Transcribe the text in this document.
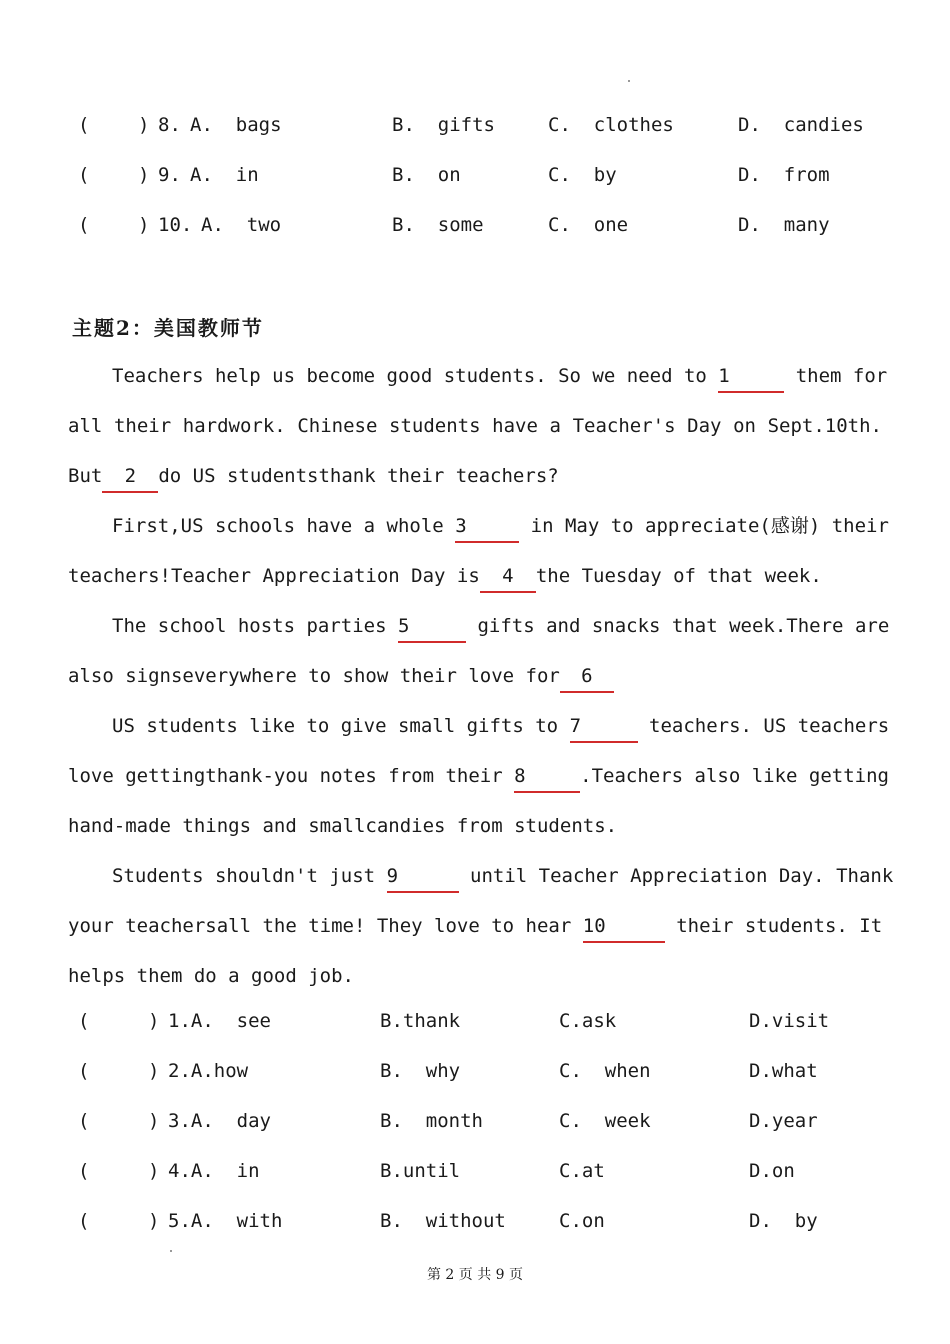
(	) 8. A.  bags	B.  gifts	C.  clothes	D.  candies
(	) 9. A.  in	B.  on	C.  by	D.  from
(	) 10. A.  two	B.  some	C.  one	D.  many
主题2：美国教师节
Teachers help us become good students. So we need to 1	them for
all their hardwork. Chinese students have a Teacher's Day on Sept.10th.
But 2 do US studentsthank their teachers?
First,US schools have a whole 3	in May to appreciate(感谢) their
teachers!Teacher Appreciation Day is 4 the Tuesday of that week.
The school hosts parties 5	gifts and snacks that week.There are
also signseverywhere to show their love for 6
US students like to give small gifts to 7	teachers. US teachers
love gettingthank-you notes from their 8	.Teachers also like getting
hand-made things and smallcandies from students.
Students shouldn't just 9	until Teacher Appreciation Day. Thank
your teachersall the time! They love to hear 10	their students. It
helps them do a good job.
(	) 1.A.  see	B.thank	C.ask	D.visit
(	) 2.A.how	B.  why	C.  when	D.what
(	) 3.A.  day	B.  month	C.  week	D.year
(	) 4.A.  in	B.until	C.at	D.on
(	) 5.A.  with	B.  without	C.on	D.  by
第 2 页 共 9 页
